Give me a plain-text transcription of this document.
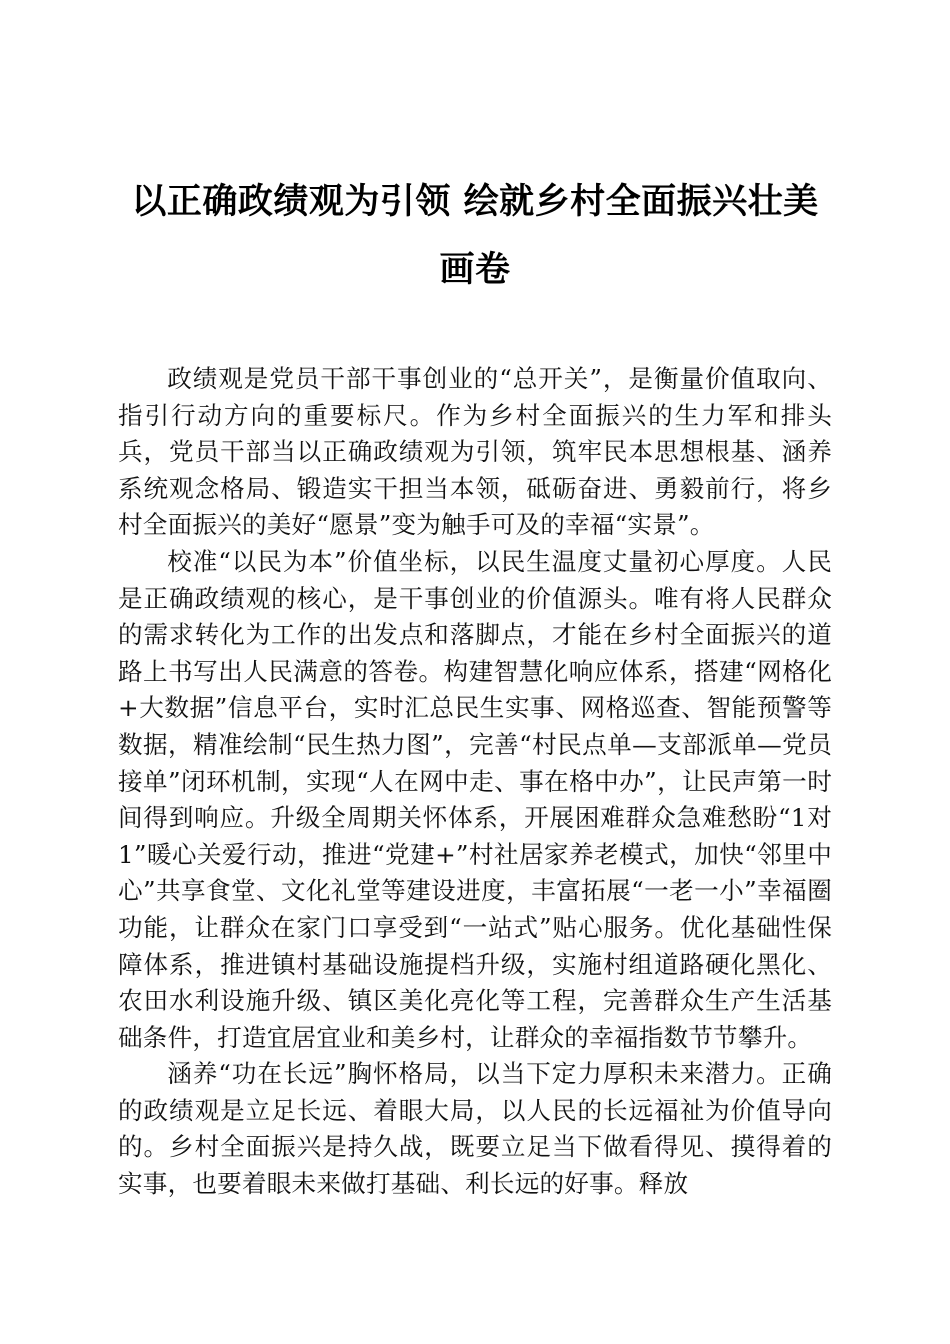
以正确政绩观为引领 绘就乡村全面振兴壮美画卷

政绩观是党员干部干事创业的“总开关”，是衡量价值取向、指引行动方向的重要标尺。作为乡村全面振兴的生力军和排头兵，党员干部当以正确政绩观为引领，筑牢民本思想根基、涵养系统观念格局、锻造实干担当本领，砥砺奋进、勇毅前行，将乡村全面振兴的美好“愿景”变为触手可及的幸福“实景”。

校准“以民为本”价值坐标，以民生温度丈量初心厚度。人民是正确政绩观的核心，是干事创业的价值源头。唯有将人民群众的需求转化为工作的出发点和落脚点，才能在乡村全面振兴的道路上书写出人民满意的答卷。构建智慧化响应体系，搭建“网格化+大数据”信息平台，实时汇总民生实事、网格巡查、智能预警等数据，精准绘制“民生热力图”，完善“村民点单—支部派单—党员接单”闭环机制，实现“人在网中走、事在格中办”，让民声第一时间得到响应。升级全周期关怀体系，开展困难群众急难愁盼“1对1”暖心关爱行动，推进“党建+”村社居家养老模式，加快“邻里中心”共享食堂、文化礼堂等建设进度，丰富拓展“一老一小”幸福圈功能，让群众在家门口享受到“一站式”贴心服务。优化基础性保障体系，推进镇村基础设施提档升级，实施村组道路硬化黑化、农田水利设施升级、镇区美化亮化等工程，完善群众生产生活基础条件，打造宜居宜业和美乡村，让群众的幸福指数节节攀升。

涵养“功在长远”胸怀格局，以当下定力厚积未来潜力。正确的政绩观是立足长远、着眼大局，以人民的长远福祉为价值导向的。乡村全面振兴是持久战，既要立足当下做看得见、摸得着的实事，也要着眼未来做打基础、利长远的好事。释放
